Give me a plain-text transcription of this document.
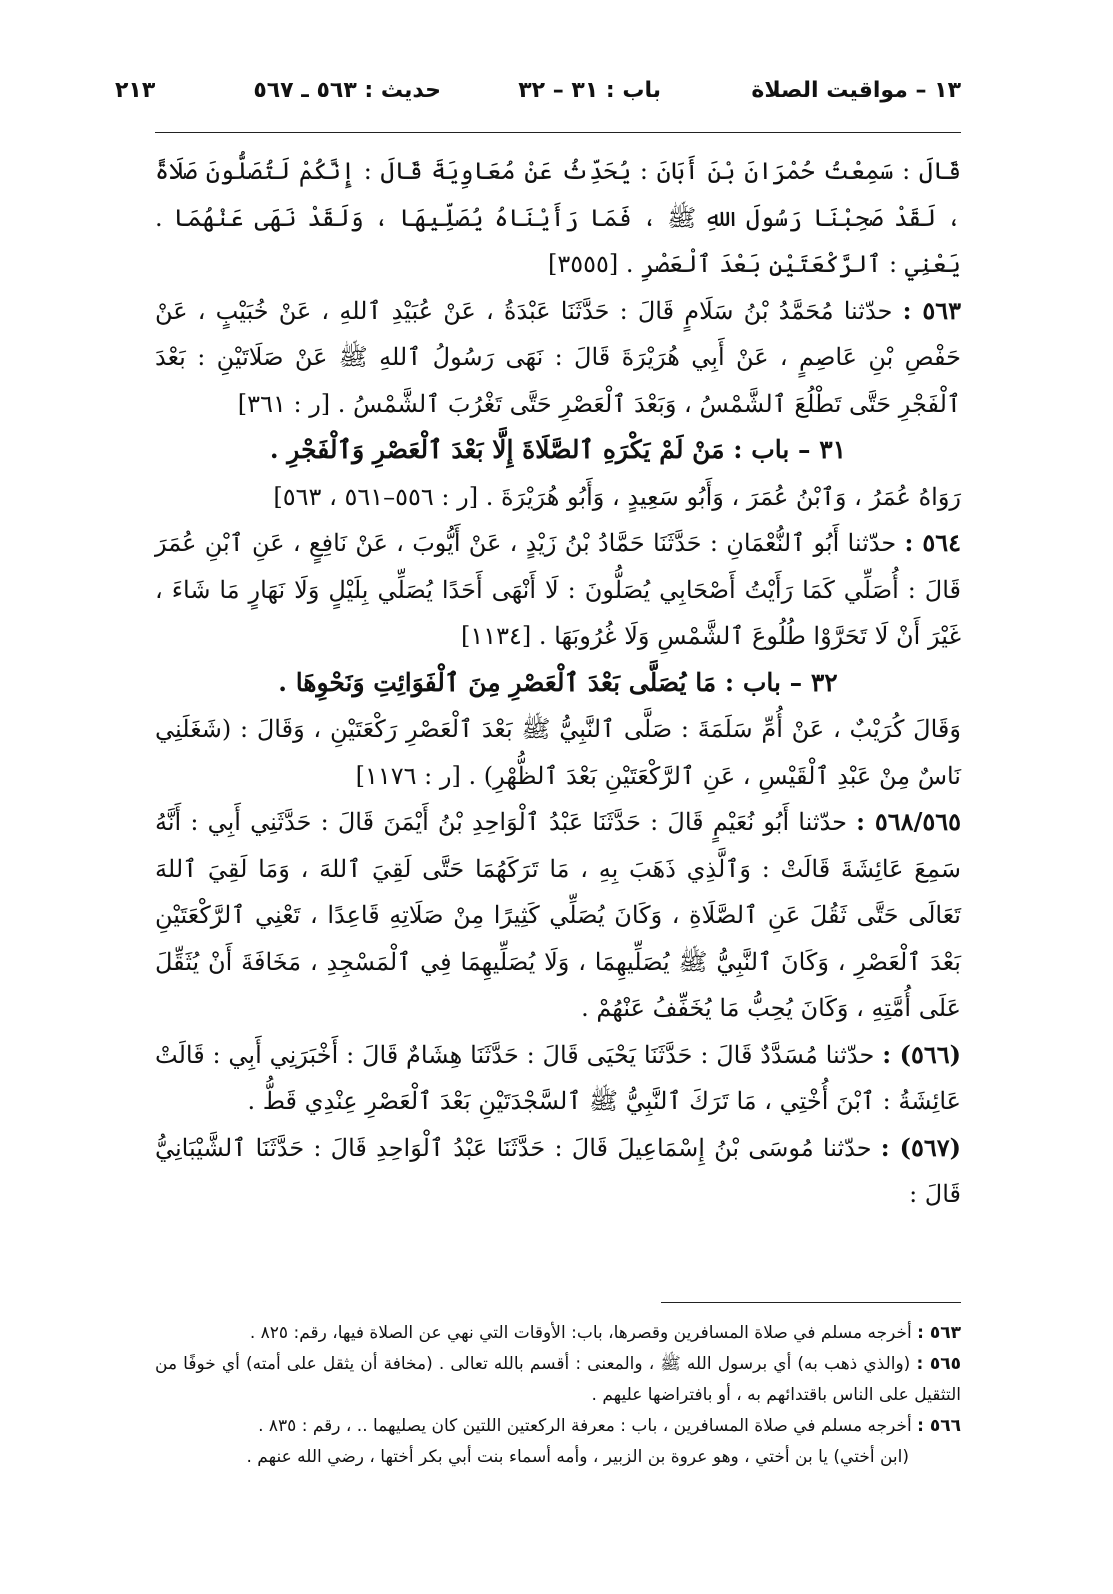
١٣ – مواقيت الصلاة
باب : ٣١ – ٣٢
حديث : ٥٦٣ ـ ٥٦٧
٢١٣

قَالَ : سَمِعْتُ حُمْرَانَ بْنَ أَبَانَ : يُحَدِّثُ عَنْ مُعَاوِيَةَ قَالَ : إِنَّكُمْ لَتُصَلُّونَ صَلَاةً ، لَقَدْ صَحِبْنَا رَسُولَ اللهِ ﷺ ، فَمَا رَأَيْنَاهُ يُصَلِّيهَا ، وَلَقَدْ نَهَى عَنْهُمَا . يَعْنِي : ٱلرَّكْعَتَيْنِ بَعْدَ ٱلْعَصْرِ . [٣٥٥٥]

٥٦٣ : حدّثنا مُحَمَّدُ بْنُ سَلَامٍ قَالَ : حَدَّثَنَا عَبْدَةُ ، عَنْ عُبَيْدِ ٱللهِ ، عَنْ خُبَيْبٍ ، عَنْ حَفْصِ بْنِ عَاصِمٍ ، عَنْ أَبِي هُرَيْرَةَ قَالَ : نَهَى رَسُولُ ٱللهِ ﷺ عَنْ صَلَاتَيْنِ : بَعْدَ ٱلْفَجْرِ حَتَّى تَطْلُعَ ٱلشَّمْسُ ، وَبَعْدَ ٱلْعَصْرِ حَتَّى تَغْرُبَ ٱلشَّمْسُ . [ر : ٣٦١]

٣١ – باب : مَنْ لَمْ يَكْرَهِ ٱلصَّلَاةَ إِلَّا بَعْدَ ٱلْعَصْرِ وَٱلْفَجْرِ .

رَوَاهُ عُمَرُ ، وَٱبْنُ عُمَرَ ، وَأَبُو سَعِيدٍ ، وَأَبُو هُرَيْرَةَ . [ر : ٥٥٦–٥٦١ ، ٥٦٣]

٥٦٤ : حدّثنا أَبُو ٱلنُّعْمَانِ : حَدَّثَنَا حَمَّادُ بْنُ زَيْدٍ ، عَنْ أَيُّوبَ ، عَنْ نَافِعٍ ، عَنِ ٱبْنِ عُمَرَ قَالَ : أُصَلِّي كَمَا رَأَيْتُ أَصْحَابِي يُصَلُّونَ : لَا أَنْهَى أَحَدًا يُصَلِّي بِلَيْلٍ وَلَا نَهَارٍ مَا شَاءَ ، غَيْرَ أَنْ لَا تَحَرَّوْا طُلُوعَ ٱلشَّمْسِ وَلَا غُرُوبَهَا . [١١٣٤]

٣٢ – باب : مَا يُصَلَّى بَعْدَ ٱلْعَصْرِ مِنَ ٱلْفَوَائِتِ وَنَحْوِهَا .

وَقَالَ كُرَيْبٌ ، عَنْ أُمِّ سَلَمَةَ : صَلَّى ٱلنَّبِيُّ ﷺ بَعْدَ ٱلْعَصْرِ رَكْعَتَيْنِ ، وَقَالَ : (شَغَلَنِي نَاسٌ مِنْ عَبْدِ ٱلْقَيْسِ ، عَنِ ٱلرَّكْعَتَيْنِ بَعْدَ ٱلظُّهْرِ) . [ر : ١١٧٦]

٥٦٨/٥٦٥ : حدّثنا أَبُو نُعَيْمٍ قَالَ : حَدَّثَنَا عَبْدُ ٱلْوَاحِدِ بْنُ أَيْمَنَ قَالَ : حَدَّثَنِي أَبِي : أَنَّهُ سَمِعَ عَائِشَةَ قَالَتْ : وَٱلَّذِي ذَهَبَ بِهِ ، مَا تَرَكَهُمَا حَتَّى لَقِيَ ٱللهَ ، وَمَا لَقِيَ ٱللهَ تَعَالَى حَتَّى ثَقُلَ عَنِ ٱلصَّلَاةِ ، وَكَانَ يُصَلِّي كَثِيرًا مِنْ صَلَاتِهِ قَاعِدًا ، تَعْنِي ٱلرَّكْعَتَيْنِ بَعْدَ ٱلْعَصْرِ ، وَكَانَ ٱلنَّبِيُّ ﷺ يُصَلِّيهِمَا ، وَلَا يُصَلِّيهِمَا فِي ٱلْمَسْجِدِ ، مَخَافَةَ أَنْ يُثَقِّلَ عَلَى أُمَّتِهِ ، وَكَانَ يُحِبُّ مَا يُخَفِّفُ عَنْهُمْ .

(٥٦٦) : حدّثنا مُسَدَّدٌ قَالَ : حَدَّثَنَا يَحْيَى قَالَ : حَدَّثَنَا هِشَامٌ قَالَ : أَخْبَرَنِي أَبِي : قَالَتْ عَائِشَةُ : ٱبْنَ أُخْتِي ، مَا تَرَكَ ٱلنَّبِيُّ ﷺ ٱلسَّجْدَتَيْنِ بَعْدَ ٱلْعَصْرِ عِنْدِي قَطُّ .

(٥٦٧) : حدّثنا مُوسَى بْنُ إِسْمَاعِيلَ قَالَ : حَدَّثَنَا عَبْدُ ٱلْوَاحِدِ قَالَ : حَدَّثَنَا ٱلشَّيْبَانِيُّ قَالَ :

٥٦٣ : أخرجه مسلم في صلاة المسافرين وقصرها، باب: الأوقات التي نهي عن الصلاة فيها، رقم: ٨٢٥ .

٥٦٥ : (والذي ذهب به) أي برسول الله ﷺ ، والمعنى : أقسم بالله تعالى . (مخافة أن يثقل على أمته) أي خوفًا من التثقيل على الناس باقتدائهم به ، أو بافتراضها عليهم .

٥٦٦ : أخرجه مسلم في صلاة المسافرين ، باب : معرفة الركعتين اللتين كان يصليهما .. ، رقم : ٨٣٥ .

(ابن أختي) يا بن أختي ، وهو عروة بن الزبير ، وأمه أسماء بنت أبي بكر أختها ، رضي الله عنهم .
